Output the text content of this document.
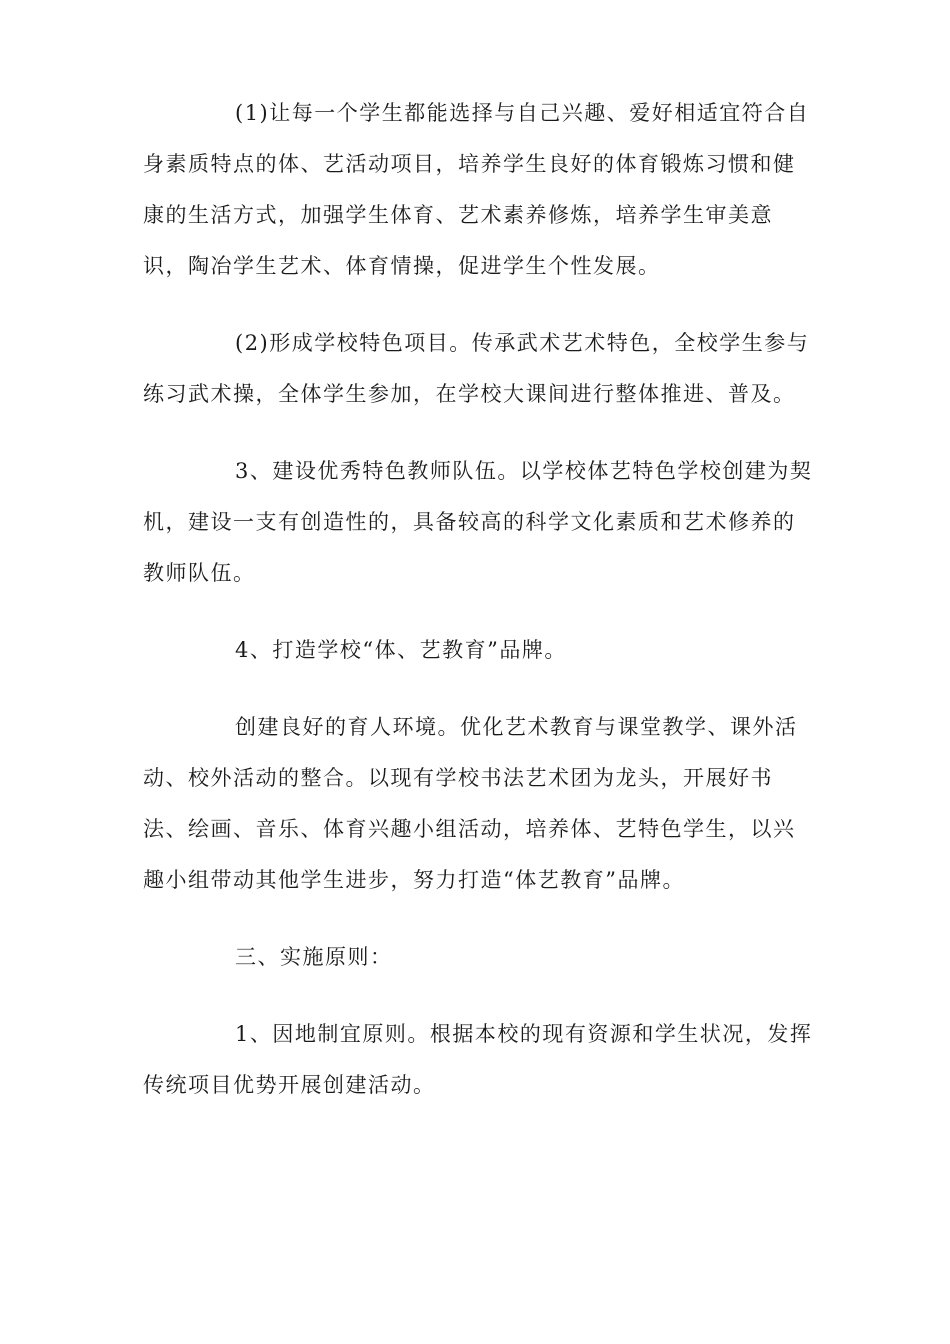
(1)让每一个学生都能选择与自己兴趣、爱好相适宜符合自
身素质特点的体、艺活动项目，培养学生良好的体育锻炼习惯和健
康的生活方式，加强学生体育、艺术素养修炼，培养学生审美意
识，陶冶学生艺术、体育情操，促进学生个性发展。

(2)形成学校特色项目。传承武术艺术特色，全校学生参与
练习武术操，全体学生参加，在学校大课间进行整体推进、普及。

3、建设优秀特色教师队伍。以学校体艺特色学校创建为契
机，建设一支有创造性的，具备较高的科学文化素质和艺术修养的
教师队伍。

4、打造学校“体、艺教育”品牌。

创建良好的育人环境。优化艺术教育与课堂教学、课外活
动、校外活动的整合。以现有学校书法艺术团为龙头，开展好书
法、绘画、音乐、体育兴趣小组活动，培养体、艺特色学生，以兴
趣小组带动其他学生进步，努力打造“体艺教育”品牌。

三、实施原则：

1、因地制宜原则。根据本校的现有资源和学生状况，发挥
传统项目优势开展创建活动。
